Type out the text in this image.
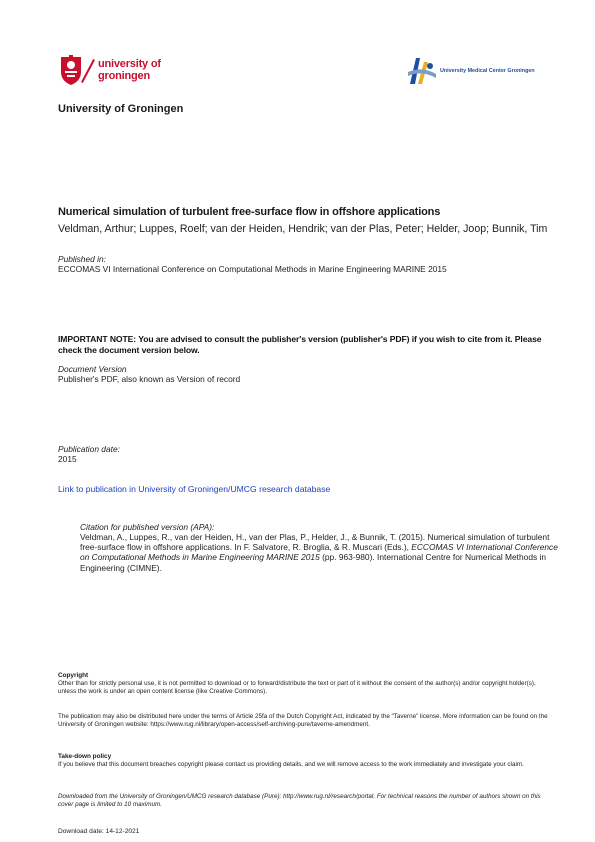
university of
groningen	University Medical Center Groningen
University of Groningen
Numerical simulation of turbulent free-surface flow in offshore applications
Veldman, Arthur; Luppes, Roelf; van der Heiden, Hendrik; van der Plas, Peter; Helder, Joop; Bunnik, Tim
Published in:
ECCOMAS VI International Conference on Computational Methods in Marine Engineering MARINE 2015
IMPORTANT NOTE: You are advised to consult the publisher's version (publisher's PDF) if you wish to cite from it. Please check the document version below.
Document Version
Publisher's PDF, also known as Version of record
Publication date:
2015
Link to publication in University of Groningen/UMCG research database
Citation for published version (APA):
Veldman, A., Luppes, R., van der Heiden, H., van der Plas, P., Helder, J., & Bunnik, T. (2015). Numerical simulation of turbulent free-surface flow in offshore applications. In F. Salvatore, R. Broglia, & R. Muscari (Eds.), ECCOMAS VI International Conference on Computational Methods in Marine Engineering MARINE 2015 (pp. 963-980). International Centre for Numerical Methods in Engineering (CIMNE).
Copyright
Other than for strictly personal use, it is not permitted to download or to forward/distribute the text or part of it without the consent of the author(s) and/or copyright holder(s), unless the work is under an open content license (like Creative Commons).
The publication may also be distributed here under the terms of Article 25fa of the Dutch Copyright Act, indicated by the “Taverne” license. More information can be found on the University of Groningen website: https://www.rug.nl/library/open-access/self-archiving-pure/taverne-amendment.
Take-down policy
If you believe that this document breaches copyright please contact us providing details, and we will remove access to the work immediately and investigate your claim.
Downloaded from the University of Groningen/UMCG research database (Pure): http://www.rug.nl/research/portal. For technical reasons the number of authors shown on this cover page is limited to 10 maximum.
Download date: 14-12-2021
